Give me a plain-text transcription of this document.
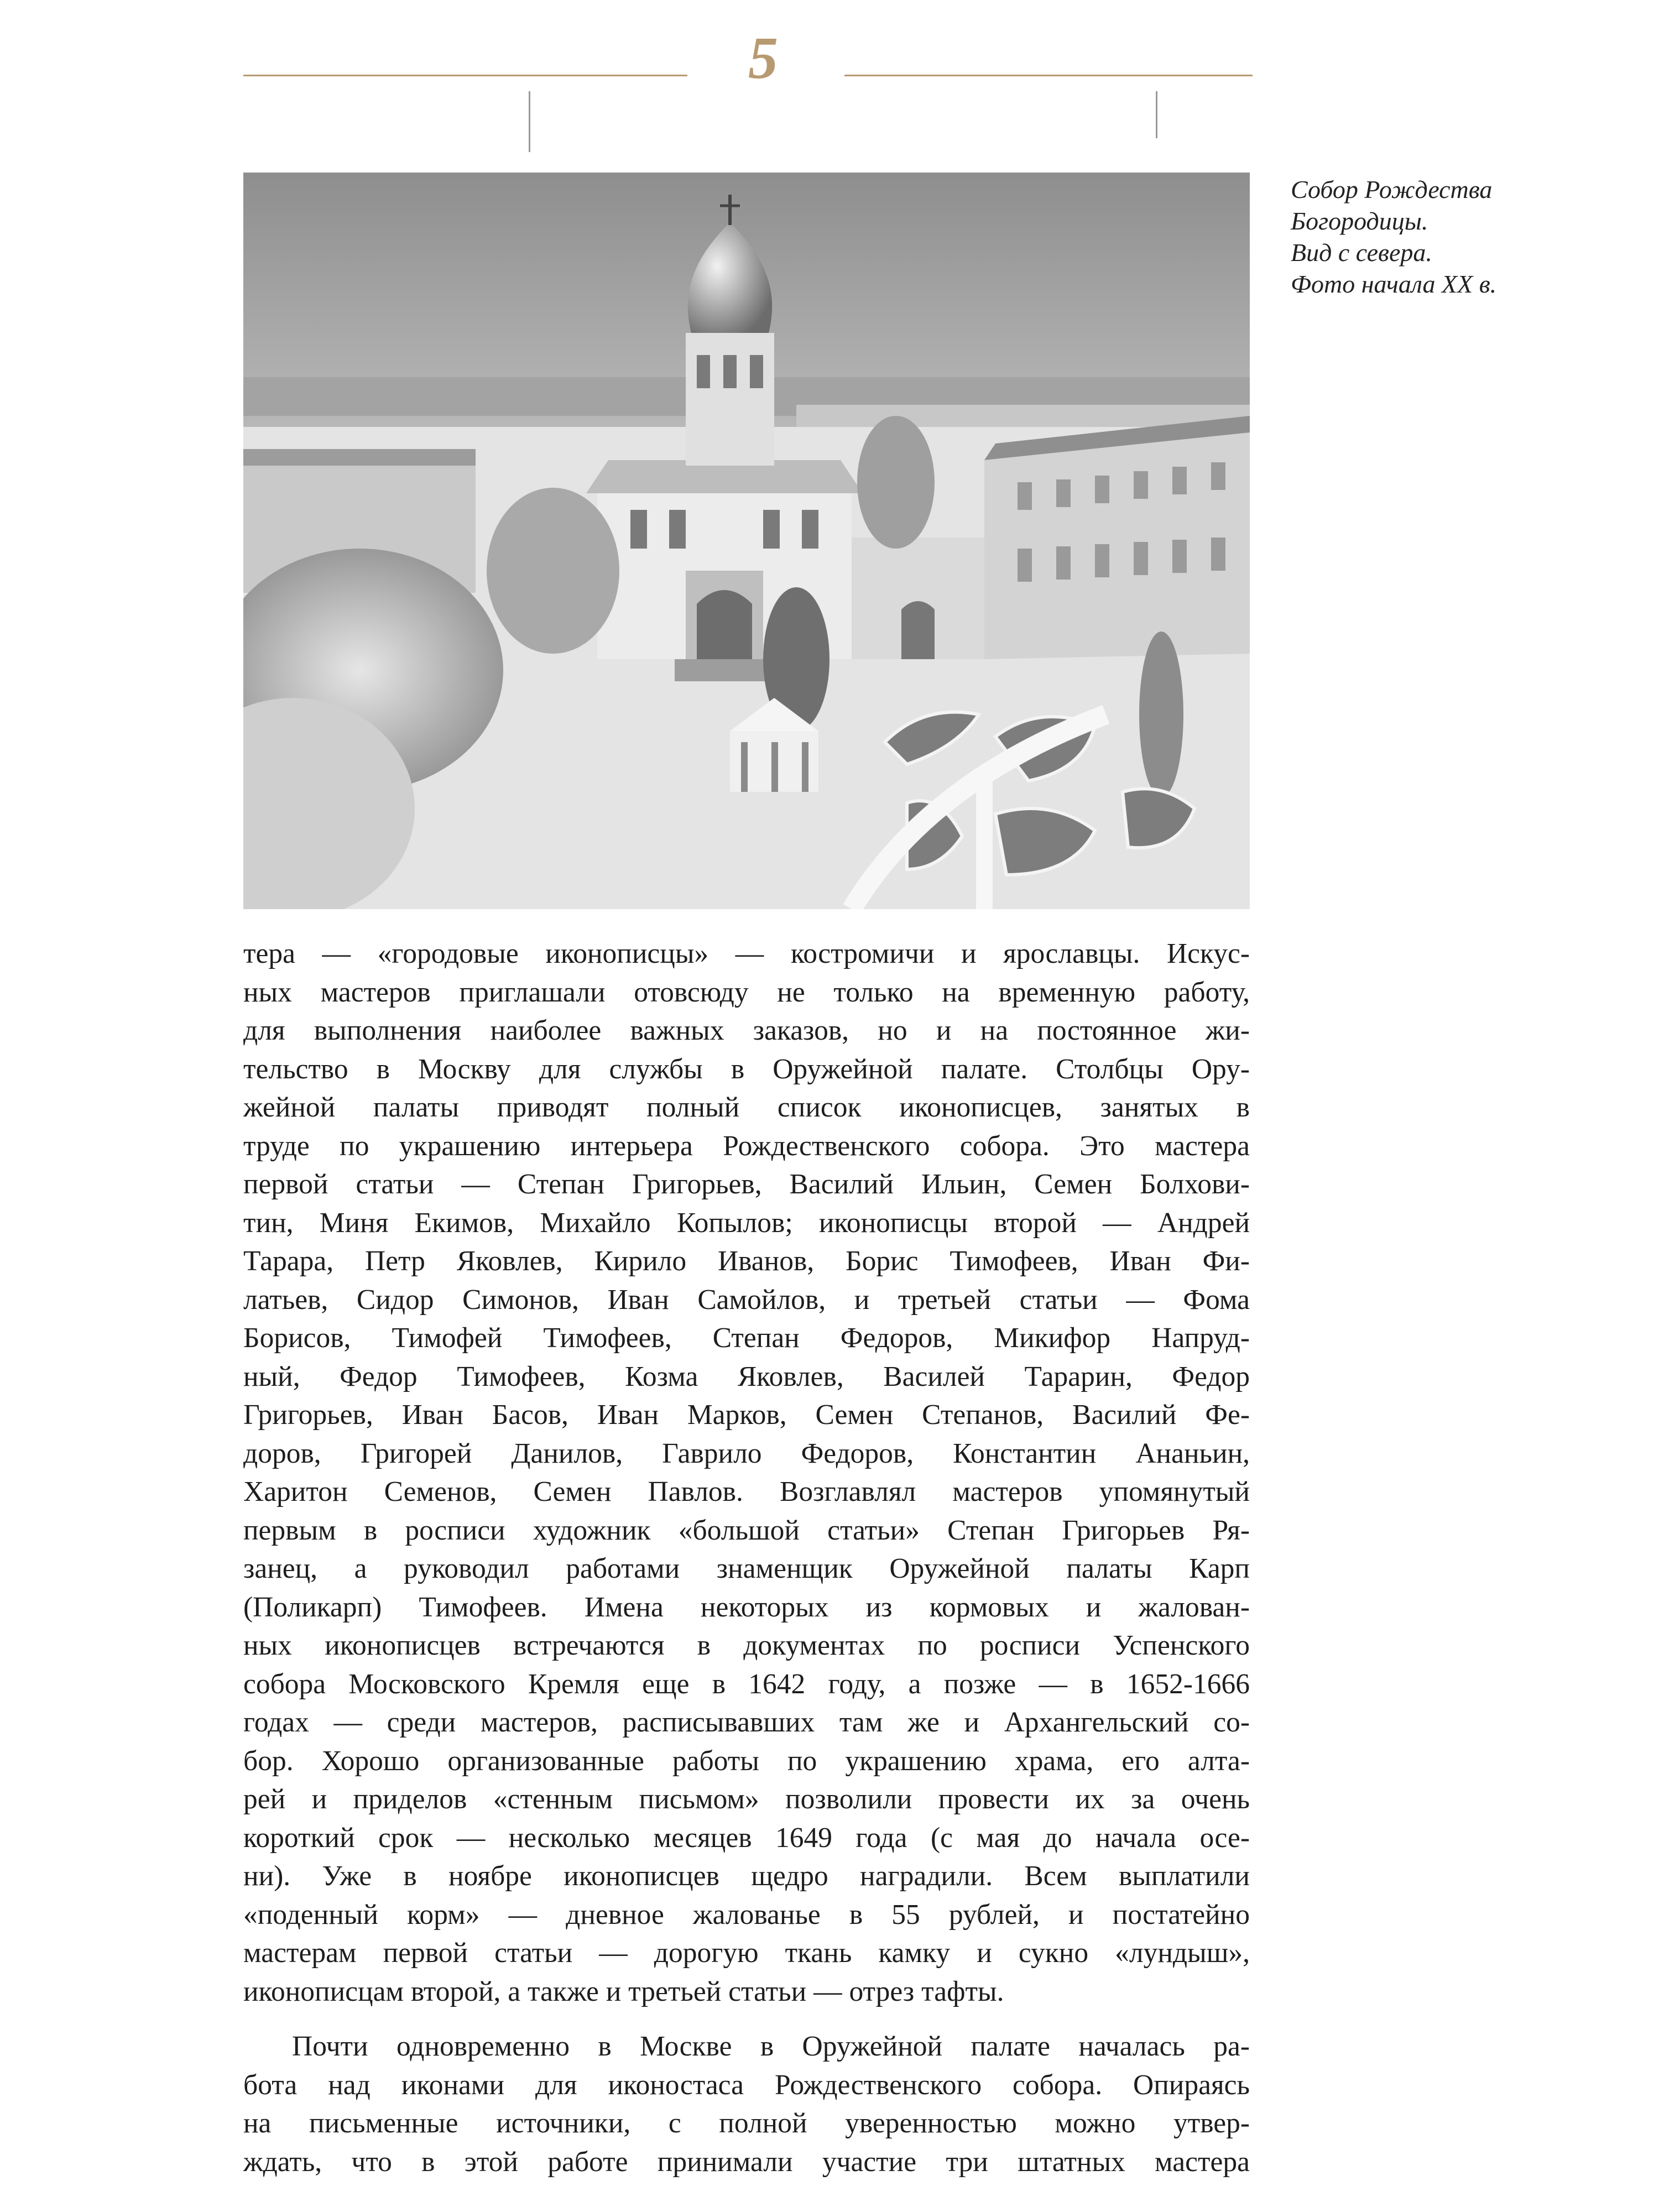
5
Собор Рождества
Богородицы.
Вид с севера.
Фото начала XX в.
тера — «городовые иконописцы» — костромичи и ярославцы. Искус-
ных мастеров приглашали отовсюду не только на временную работу,
для выполнения наиболее важных заказов, но и на постоянное жи-
тельство в Москву для службы в Оружейной палате. Столбцы Ору-
жейной палаты приводят полный список иконописцев, занятых в
труде по украшению интерьера Рождественского собора. Это мастера
первой статьи — Степан Григорьев, Василий Ильин, Семен Болхови-
тин, Миня Екимов, Михайло Копылов; иконописцы второй — Андрей
Тарара, Петр Яковлев, Кирило Иванов, Борис Тимофеев, Иван Фи-
латьев, Сидор Симонов, Иван Самойлов, и третьей статьи — Фома
Борисов, Тимофей Тимофеев, Степан Федоров, Микифор Напруд-
ный, Федор Тимофеев, Козма Яковлев, Василей Тарарин, Федор
Григорьев, Иван Басов, Иван Марков, Семен Степанов, Василий Фе-
доров, Григорей Данилов, Гаврило Федоров, Константин Ананьин,
Харитон Семенов, Семен Павлов. Возглавлял мастеров упомянутый
первым в росписи художник «большой статьи» Степан Григорьев Ря-
занец, а руководил работами знаменщик Оружейной палаты Карп
(Поликарп) Тимофеев. Имена некоторых из кормовых и жалован-
ных иконописцев встречаются в документах по росписи Успенского
собора Московского Кремля еще в 1642 году, а позже — в 1652-1666
годах — среди мастеров, расписывавших там же и Архангельский со-
бор. Хорошо организованные работы по украшению храма, его алта-
рей и приделов «стенным письмом» позволили провести их за очень
короткий срок — несколько месяцев 1649 года (с мая до начала осе-
ни). Уже в ноябре иконописцев щедро наградили. Всем выплатили
«поденный корм» — дневное жалованье в 55 рублей, и постатейно
мастерам первой статьи — дорогую ткань камку и сукно «лундыш»,
иконописцам второй, а также и третьей статьи — отрез тафты.
Почти одновременно в Москве в Оружейной палате началась ра-
бота над иконами для иконостаса Рождественского собора. Опираясь
на письменные источники, с полной уверенностью можно утвер-
ждать, что в этой работе принимали участие три штатных мастера
